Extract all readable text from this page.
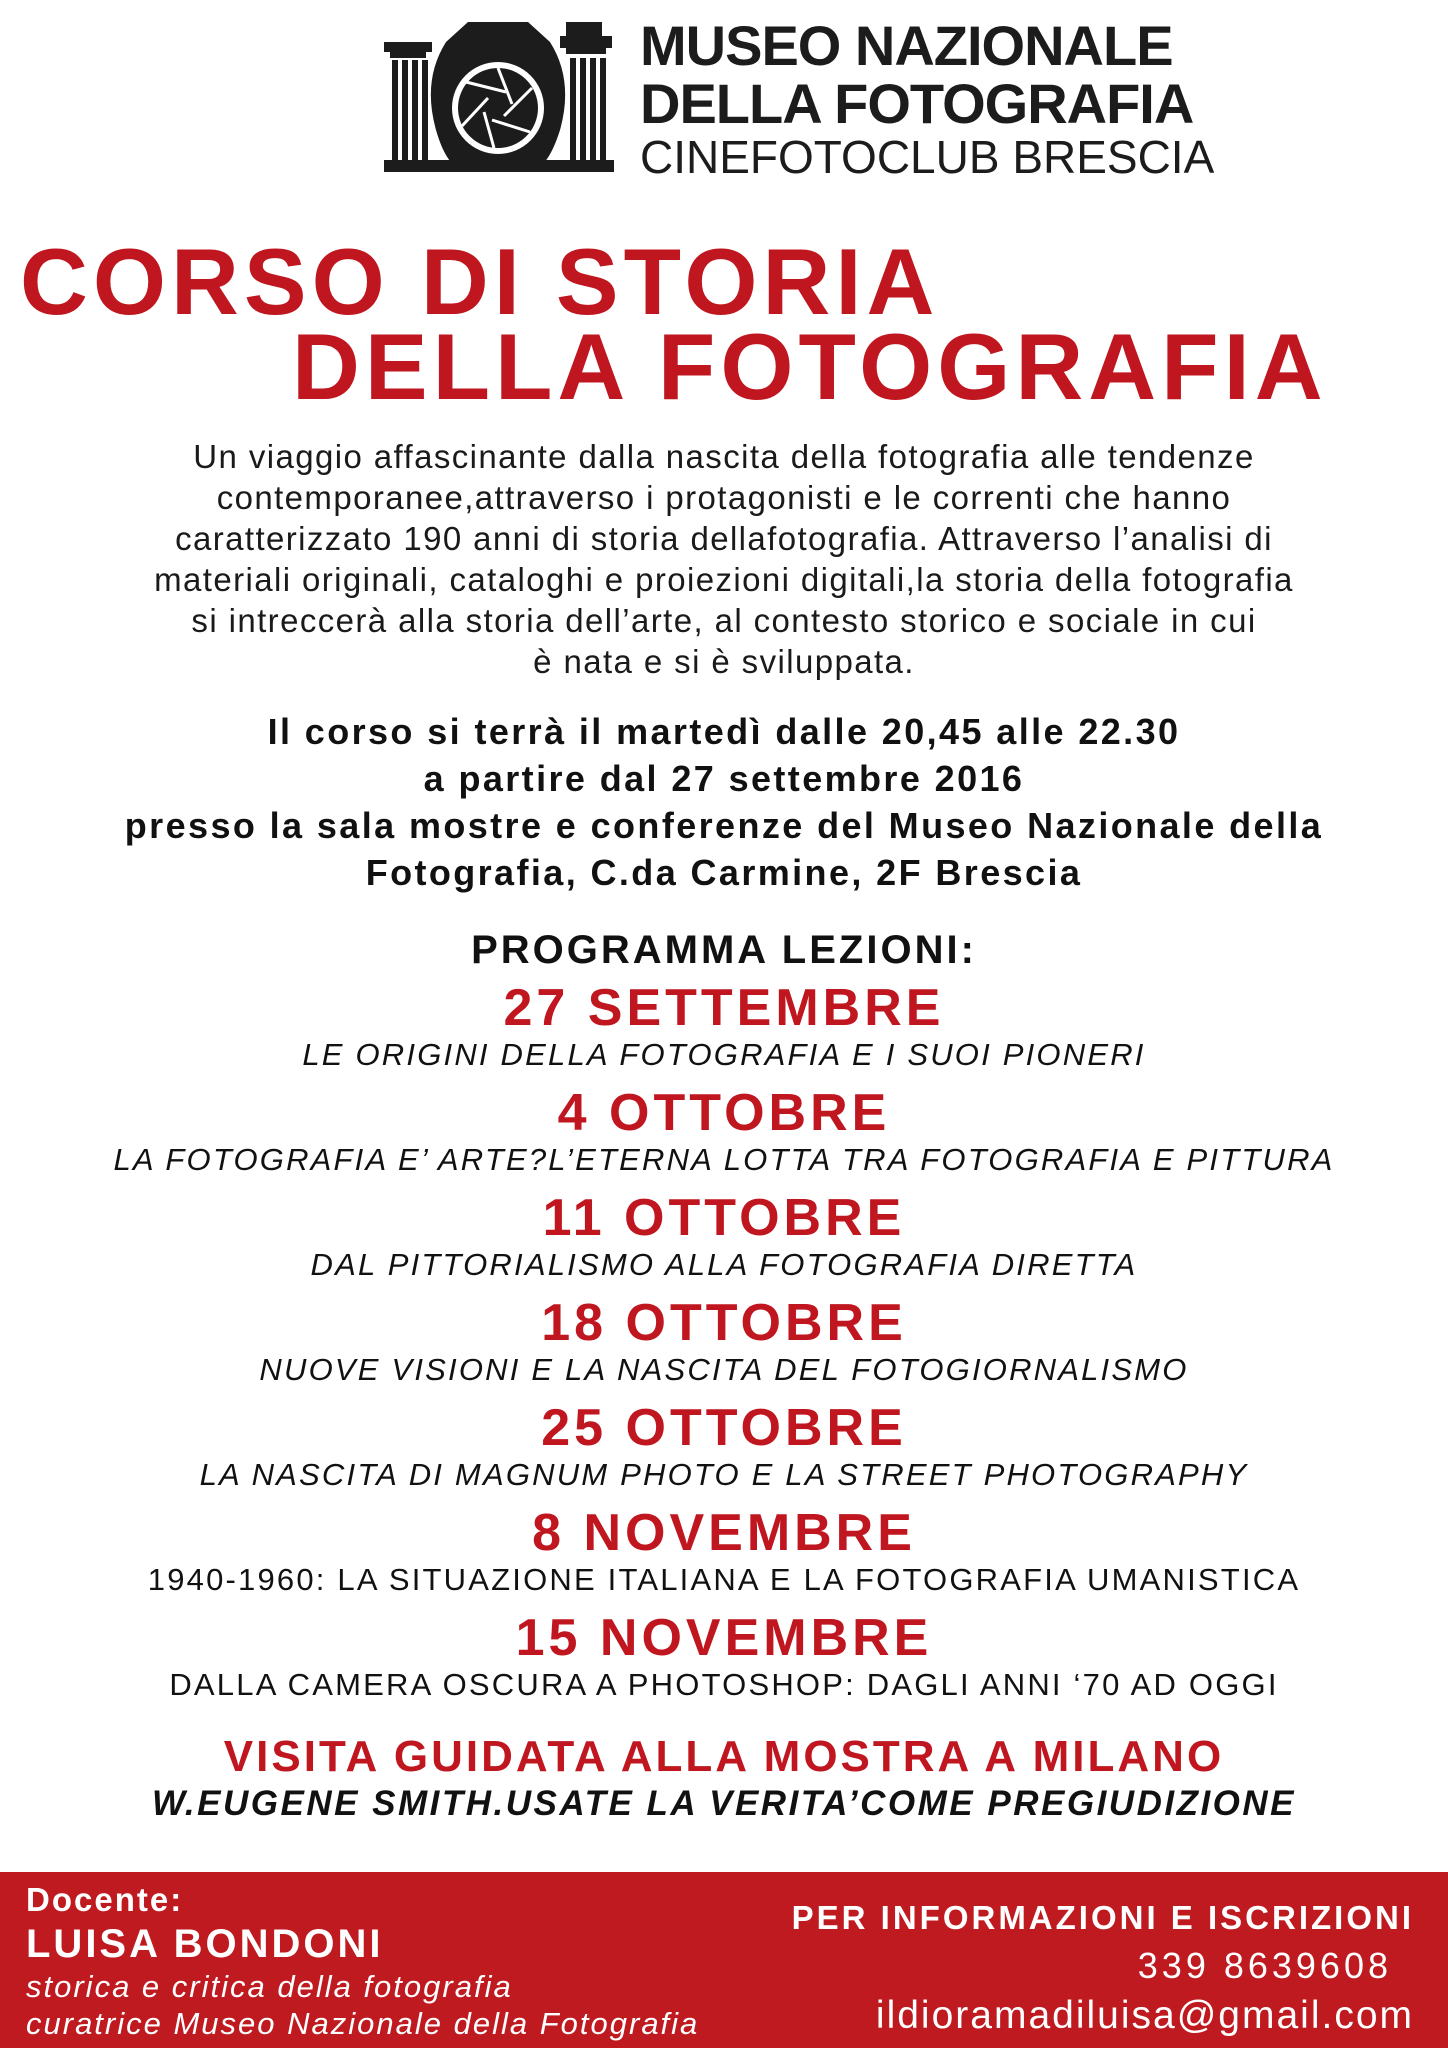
MUSEO NAZIONALE
DELLA FOTOGRAFIA
CINEFOTOCLUB BRESCIA
CORSO DI STORIA
DELLA FOTOGRAFIA
Un viaggio affascinante dalla nascita della fotografia alle tendenze
contemporanee,attraverso i protagonisti e le correnti che hanno
caratterizzato 190 anni di storia dellafotografia. Attraverso l’analisi di
materiali originali, cataloghi e proiezioni digitali,la storia della fotografia
si intreccerà alla storia dell’arte, al contesto storico e sociale in cui
è nata e si è sviluppata.
Il corso si terrà il martedì dalle 20,45 alle 22.30
a partire dal 27 settembre 2016
presso la sala mostre e conferenze del Museo Nazionale della
Fotografia, C.da Carmine, 2F Brescia
PROGRAMMA LEZIONI:
27 SETTEMBRE
LE ORIGINI DELLA FOTOGRAFIA E I SUOI PIONERI
4 OTTOBRE
LA FOTOGRAFIA E’ ARTE?L’ETERNA LOTTA TRA FOTOGRAFIA E PITTURA
11 OTTOBRE
DAL PITTORIALISMO ALLA FOTOGRAFIA DIRETTA
18 OTTOBRE
NUOVE VISIONI E LA NASCITA DEL FOTOGIORNALISMO
25 OTTOBRE
LA NASCITA DI MAGNUM PHOTO E LA STREET PHOTOGRAPHY
8 NOVEMBRE
1940-1960: LA SITUAZIONE ITALIANA E LA FOTOGRAFIA UMANISTICA
15 NOVEMBRE
DALLA CAMERA OSCURA A PHOTOSHOP: DAGLI ANNI ‘70 AD OGGI
VISITA GUIDATA ALLA MOSTRA A MILANO
W.EUGENE SMITH.USATE LA VERITA’COME PREGIUDIZIONE
Docente:
LUISA BONDONI
storica e critica della fotografia
curatrice Museo Nazionale della Fotografia
PER INFORMAZIONI E ISCRIZIONI
339 8639608
ildioramadiluisa@gmail.com
